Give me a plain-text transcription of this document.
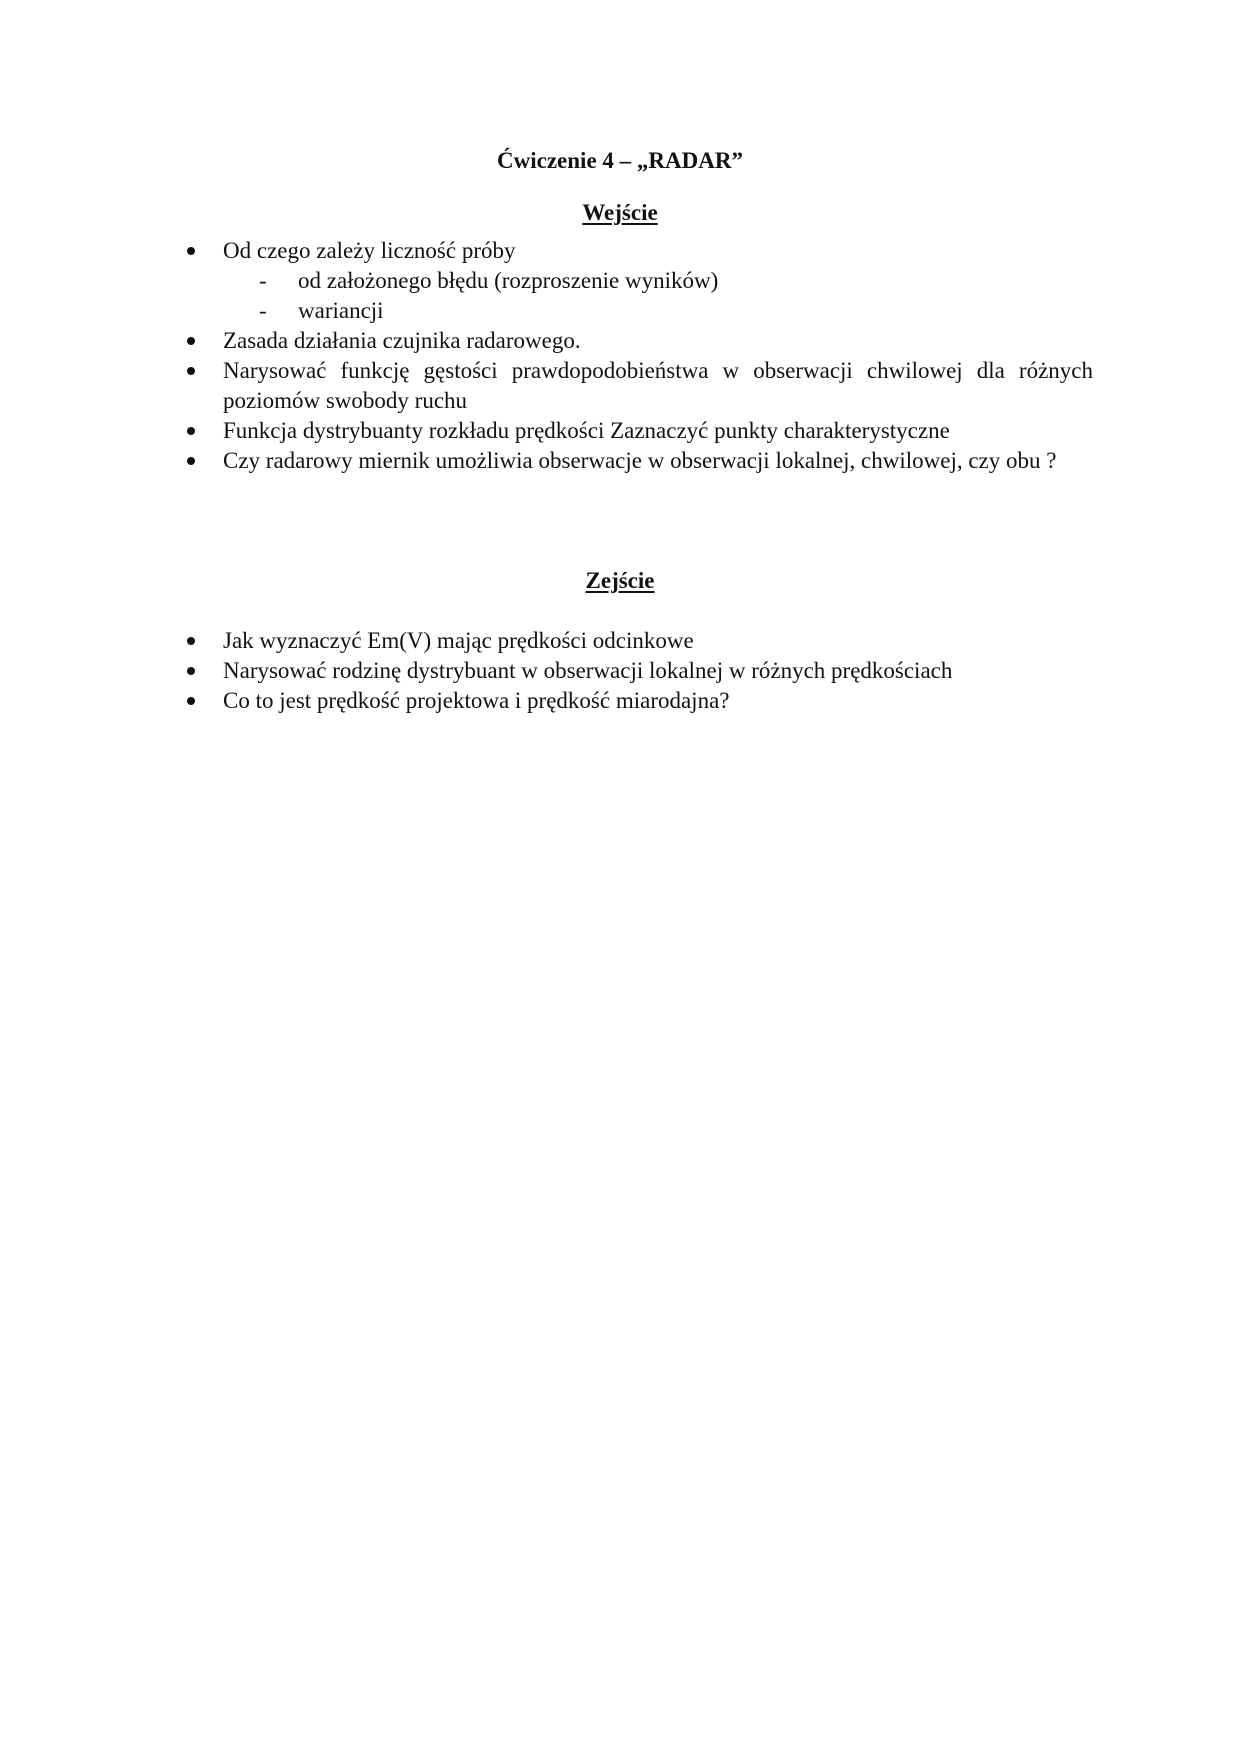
Ćwiczenie 4 – „RADAR”
Wejście
Od czego zależy liczność próby
- od założonego błędu (rozproszenie wyników)
- wariancji
Zasada działania czujnika radarowego.
Narysować funkcję gęstości prawdopodobieństwa w obserwacji chwilowej dla różnych poziomów swobody ruchu
Funkcja dystrybuanty rozkładu prędkości Zaznaczyć punkty charakterystyczne
Czy radarowy miernik umożliwia obserwacje w obserwacji lokalnej, chwilowej, czy obu ?
Zejście
Jak wyznaczyć Em(V) mając prędkości odcinkowe
Narysować rodzinę dystrybuant w obserwacji lokalnej w różnych prędkościach
Co to jest prędkość projektowa i prędkość miarodajna?
